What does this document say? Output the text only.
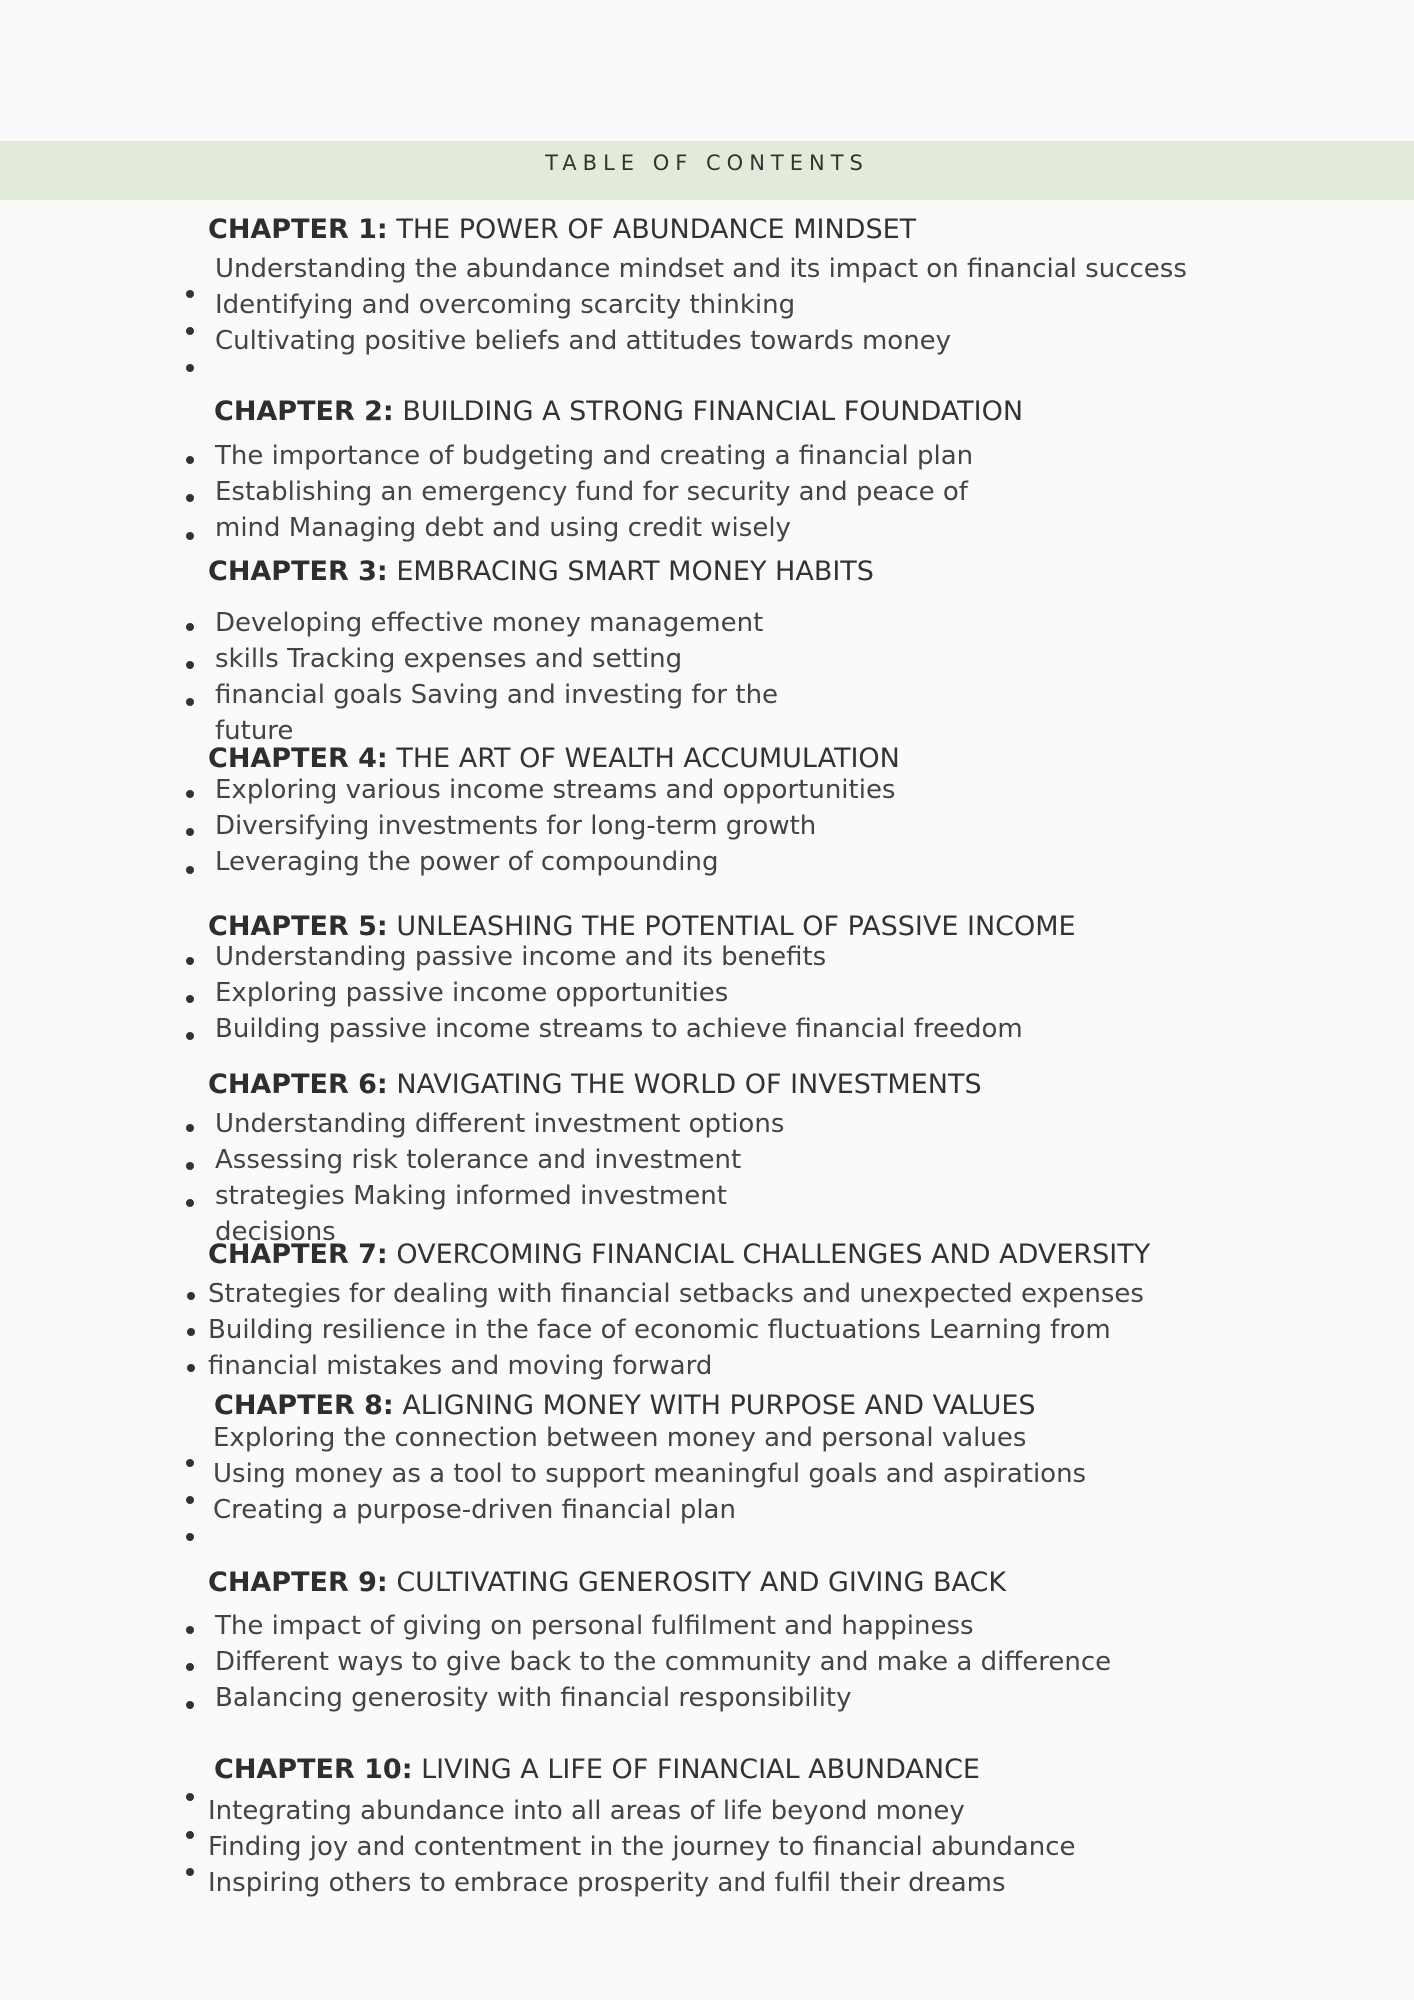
TABLE OF CONTENTS
CHAPTER 1: THE POWER OF ABUNDANCE MINDSET
Understanding the abundance mindset and its impact on financial success
Identifying and overcoming scarcity thinking
Cultivating positive beliefs and attitudes towards money
CHAPTER 2: BUILDING A STRONG FINANCIAL FOUNDATION
The importance of budgeting and creating a financial plan
Establishing an emergency fund for security and peace of
mind Managing debt and using credit wisely
CHAPTER 3: EMBRACING SMART MONEY HABITS
Developing effective money management
skills Tracking expenses and setting
financial goals Saving and investing for the
future
CHAPTER 4: THE ART OF WEALTH ACCUMULATION
Exploring various income streams and opportunities
Diversifying investments for long-term growth
Leveraging the power of compounding
CHAPTER 5: UNLEASHING THE POTENTIAL OF PASSIVE INCOME
Understanding passive income and its benefits
Exploring passive income opportunities
Building passive income streams to achieve financial freedom
CHAPTER 6: NAVIGATING THE WORLD OF INVESTMENTS
Understanding different investment options
Assessing risk tolerance and investment
strategies Making informed investment
decisions
CHAPTER 7: OVERCOMING FINANCIAL CHALLENGES AND ADVERSITY
Strategies for dealing with financial setbacks and unexpected expenses
Building resilience in the face of economic fluctuations Learning from
financial mistakes and moving forward
CHAPTER 8: ALIGNING MONEY WITH PURPOSE AND VALUES
Exploring the connection between money and personal values
Using money as a tool to support meaningful goals and aspirations
Creating a purpose-driven financial plan
CHAPTER 9: CULTIVATING GENEROSITY AND GIVING BACK
The impact of giving on personal fulfilment and happiness
Different ways to give back to the community and make a difference
Balancing generosity with financial responsibility
CHAPTER 10: LIVING A LIFE OF FINANCIAL ABUNDANCE
Integrating abundance into all areas of life beyond money
Finding joy and contentment in the journey to financial abundance
Inspiring others to embrace prosperity and fulfil their dreams
